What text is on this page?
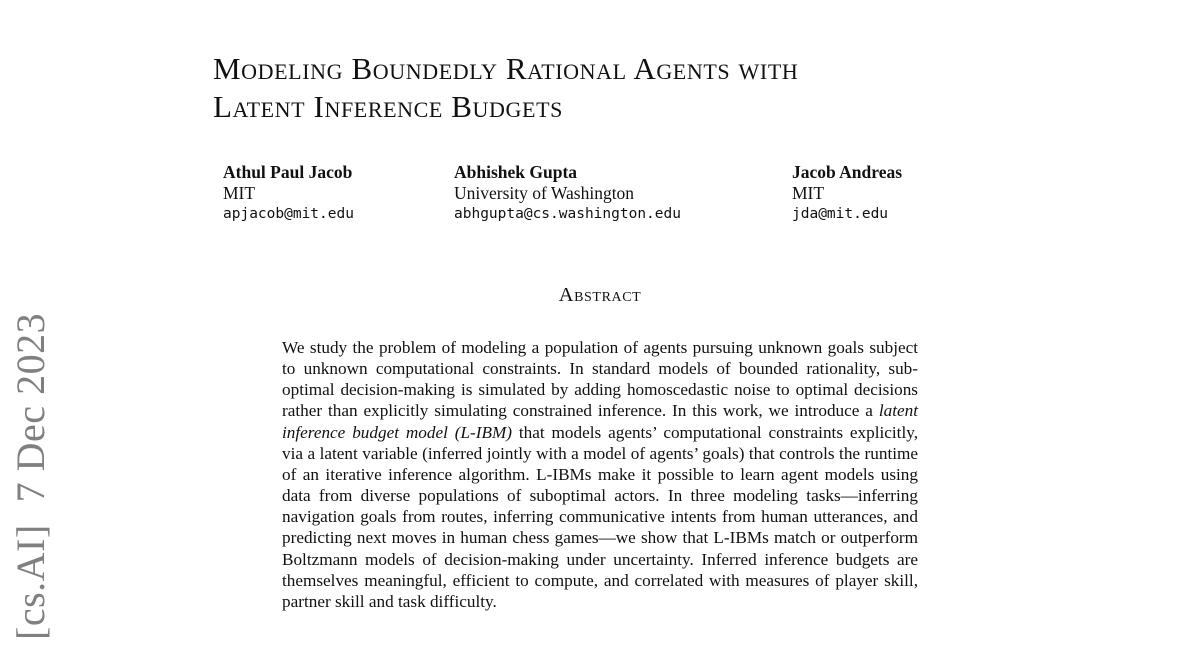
[cs.AI]7 Dec 2023
Modeling Boundedly Rational Agents with
Latent Inference Budgets
Athul Paul Jacob
MIT
apjacob@mit.edu
Abhishek Gupta
University of Washington
abhgupta@cs.washington.edu
Jacob Andreas
MIT
jda@mit.edu
Abstract

We study the problem of modeling a population of agents pursuing unknown goals subject to unknown computational constraints. In standard models of bounded rationality, sub-optimal decision-making is simulated by adding homoscedastic noise to optimal decisions rather than explicitly simulating constrained inference. In this work, we introduce a latent inference budget model (L-IBM) that models agents’ computational constraints explicitly, via a latent variable (inferred jointly with a model of agents’ goals) that controls the runtime of an iterative inference algorithm. L-IBMs make it possible to learn agent models using data from diverse populations of suboptimal actors. In three modeling tasks—inferring navigation goals from routes, inferring communicative intents from human utterances, and predicting next moves in human chess games—we show that L-IBMs match or outperform Boltzmann models of decision-making under uncertainty. Inferred inference budgets are themselves meaningful, efficient to compute, and correlated with measures of player skill, partner skill and task difficulty.
